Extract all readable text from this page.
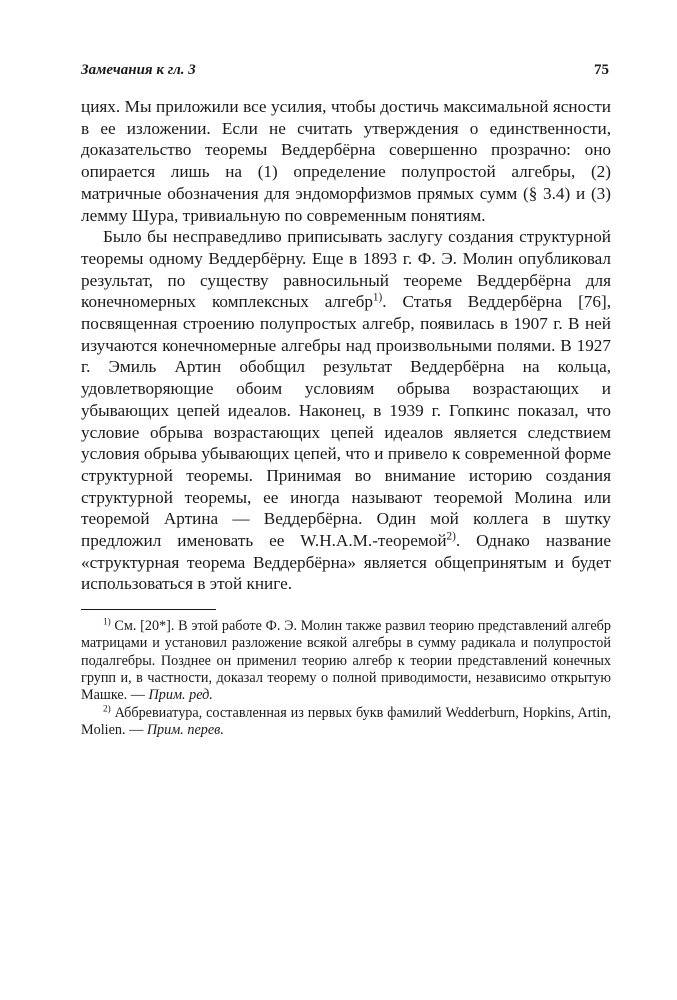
Замечания к гл. 3	75

циях. Мы приложили все усилия, чтобы достичь максимальной ясности в ее изложении. Если не считать утверждения о единственности, доказательство теоремы Веддербёрна совершенно прозрачно: оно опирается лишь на (1) определение полупростой алгебры, (2) матричные обозначения для эндоморфизмов прямых сумм (§ 3.4) и (3) лемму Шура, тривиальную по современным понятиям.

Было бы несправедливо приписывать заслугу создания структурной теоремы одному Веддербёрну. Еще в 1893 г. Ф. Э. Молин опубликовал результат, по существу равносильный теореме Веддербёрна для конечномерных комплексных алгебр$^{1)}$. Статья Веддербёрна [76], посвященная строению полупростых алгебр, появилась в 1907 г. В ней изучаются конечномерные алгебры над произвольными полями. В 1927 г. Эмиль Артин обобщил результат Веддербёрна на кольца, удовлетворяющие обоим условиям обрыва возрастающих и убывающих цепей идеалов. Наконец, в 1939 г. Гопкинс показал, что условие обрыва возрастающих цепей идеалов является следствием условия обрыва убывающих цепей, что и привело к современной форме структурной теоремы. Принимая во внимание историю создания структурной теоремы, ее иногда называют теоремой Молина или теоремой Артина — Веддербёрна. Один мой коллега в шутку предложил именовать ее W.H.A.M.-теоремой$^{2)}$. Однако название «структурная теорема Веддербёрна» является общепринятым и будет использоваться в этой книге.

$^{1)}$ См. [20*]. В этой работе Ф. Э. Молин также развил теорию представлений алгебр матрицами и установил разложение всякой алгебры в сумму радикала и полупростой подалгебры. Позднее он применил теорию алгебр к теории представлений конечных групп и, в частности, доказал теорему о полной приводимости, независимо открытую Машке. — Прим. ред.

$^{2)}$ Аббревиатура, составленная из первых букв фамилий Wedderburn, Hopkins, Artin, Molien. — Прим. перев.
